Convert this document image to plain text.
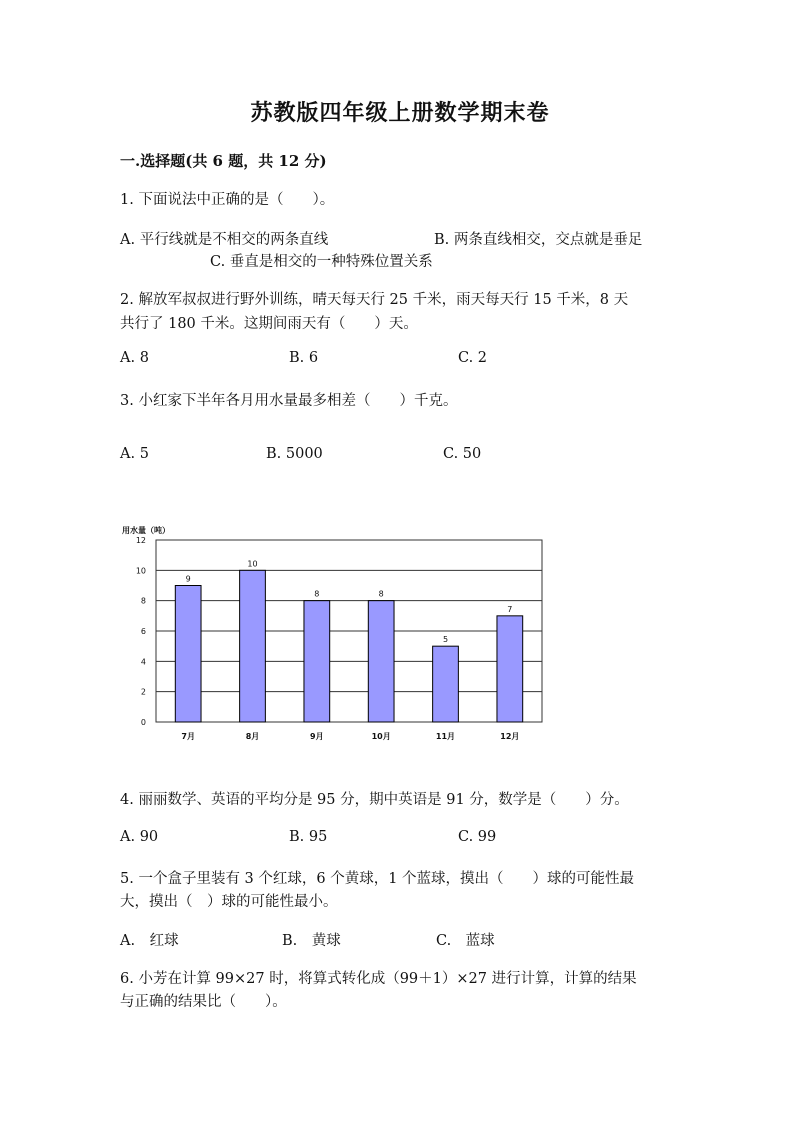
苏教版四年级上册数学期末卷
一.选择题(共 6 题，共 12 分)
1. 下面说法中正确的是（　　）。
A. 平行线就是不相交的两条直线	B. 两条直线相交，交点就是垂足
C. 垂直是相交的一种特殊位置关系
2. 解放军叔叔进行野外训练，晴天每天行 25 千米，雨天每天行 15 千米，8 天
共行了 180 千米。这期间雨天有（　　）天。
A. 8	B. 6	C. 2
3. 小红家下半年各月用水量最多相差（　　）千克。
A. 5	B. 5000	C. 50
用水量（吨）
0
2
4
6
8
10
12
9
7月
10
8月
8
9月
8
10月
5
11月
7
12月
4. 丽丽数学、英语的平均分是 95 分，期中英语是 91 分，数学是（　　）分。
A. 90	B. 95	C. 99
5. 一个盒子里装有 3 个红球，6 个黄球，1 个蓝球，摸出（　　）球的可能性最
大，摸出（　）球的可能性最小。
A.　红球	B.　黄球	C.　蓝球
6. 小芳在计算 99×27 时，将算式转化成（99＋1）×27 进行计算，计算的结果
与正确的结果比（　　）。
